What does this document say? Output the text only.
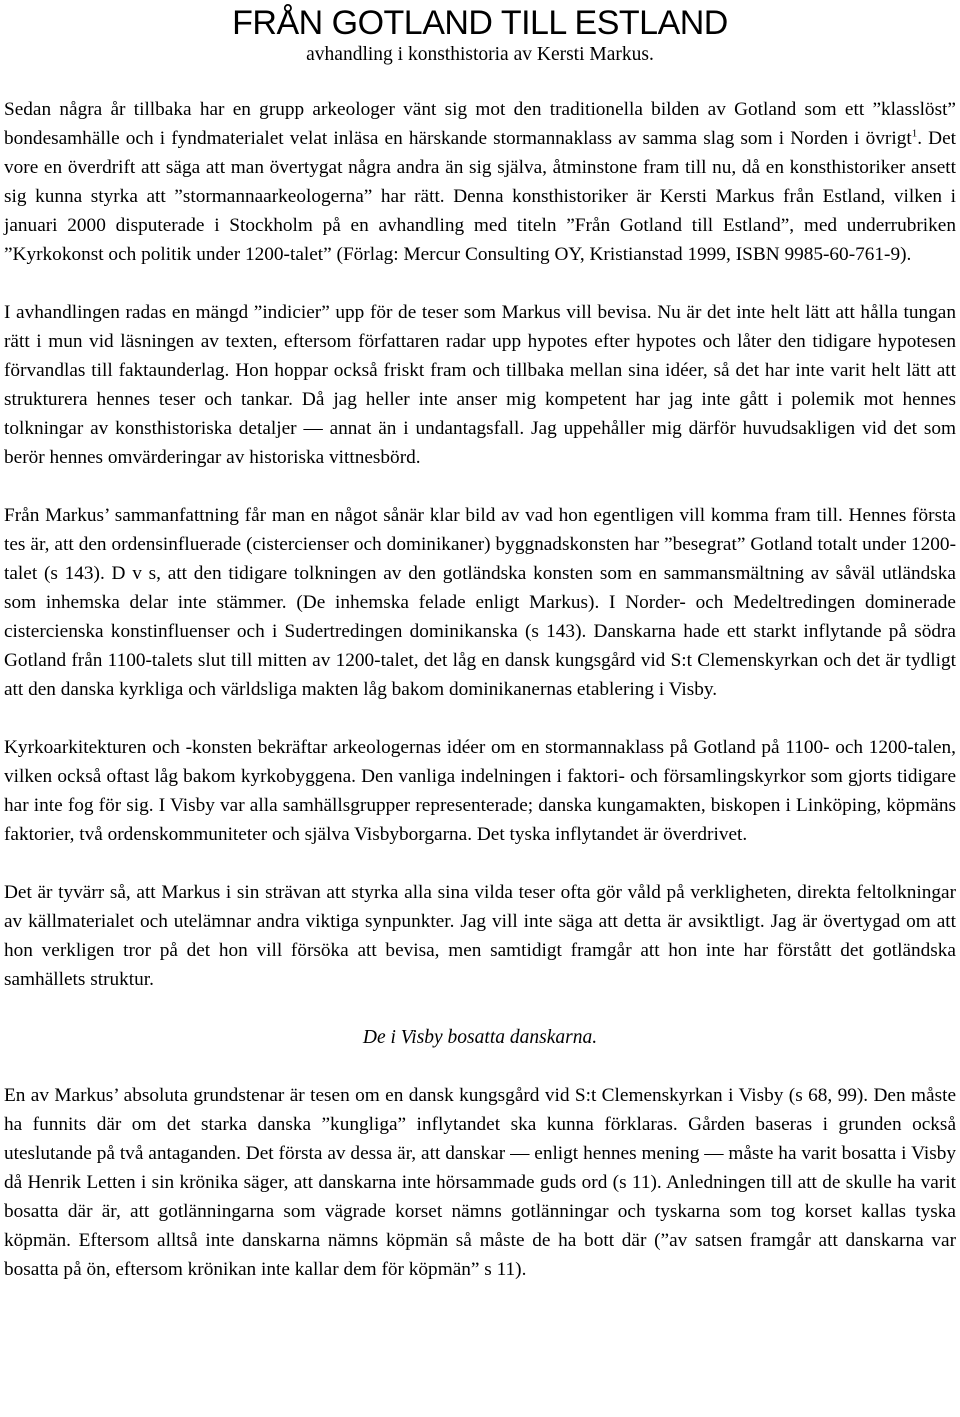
FRÅN GOTLAND TILL ESTLAND

avhandling i konsthistoria av Kersti Markus.

Sedan några år tillbaka har en grupp arkeologer vänt sig mot den traditionella bilden av Gotland som ett ”klasslöst” bondesamhälle och i fyndmaterialet velat inläsa en härskande stormannaklass av samma slag som i Norden i övrigt$^1$. Det vore en överdrift att säga att man övertygat några andra än sig själva, åtminstone fram till nu, då en konsthistoriker ansett sig kunna styrka att ”stormannaarkeologerna” har rätt. Denna konsthistoriker är Kersti Markus från Estland, vilken i januari 2000 disputerade i Stockholm på en avhandling med titeln ”Från Gotland till Estland”, med underrubriken ”Kyrkokonst och politik under 1200-talet” (Förlag: Mercur Consulting OY, Kristianstad 1999, ISBN 9985-60-761-9).

I avhandlingen radas en mängd ”indicier” upp för de teser som Markus vill bevisa. Nu är det inte helt lätt att hålla tungan rätt i mun vid läsningen av texten, eftersom författaren radar upp hypotes efter hypotes och låter den tidigare hypotesen förvandlas till faktaunderlag. Hon hoppar också friskt fram och tillbaka mellan sina idéer, så det har inte varit helt lätt att strukturera hennes teser och tankar. Då jag heller inte anser mig kompetent har jag inte gått i polemik mot hennes tolkningar av konsthistoriska detaljer — annat än i undantagsfall. Jag uppehåller mig därför huvudsakligen vid det som berör hennes omvärderingar av historiska vittnesbörd.

Från Markus’ sammanfattning får man en något sånär klar bild av vad hon egentligen vill komma fram till. Hennes första tes är, att den ordensinfluerade (cistercienser och dominikaner) byggnadskonsten har ”besegrat” Gotland totalt under 1200-talet (s 143). D v s, att den tidigare tolkningen av den gotländska konsten som en sammansmältning av såväl utländska som inhemska delar inte stämmer. (De inhemska felade enligt Markus). I Norder- och Medeltredingen dominerade cistercienska konstinfluenser och i Sudertredingen dominikanska (s 143). Danskarna hade ett starkt inflytande på södra Gotland från 1100-talets slut till mitten av 1200-talet, det låg en dansk kungsgård vid S:t Clemenskyrkan och det är tydligt att den danska kyrkliga och världsliga makten låg bakom dominikanernas etablering i Visby.

Kyrkoarkitekturen och -konsten bekräftar arkeologernas idéer om en stormannaklass på Gotland på 1100- och 1200-talen, vilken också oftast låg bakom kyrkobyggena. Den vanliga indelningen i faktori- och församlingskyrkor som gjorts tidigare har inte fog för sig. I Visby var alla samhällsgrupper representerade; danska kungamakten, biskopen i Linköping, köpmäns faktorier, två ordenskommuniteter och själva Visbyborgarna. Det tyska inflytandet är överdrivet.

Det är tyvärr så, att Markus i sin strävan att styrka alla sina vilda teser ofta gör våld på verkligheten, direkta feltolkningar av källmaterialet och utelämnar andra viktiga synpunkter. Jag vill inte säga att detta är avsiktligt. Jag är övertygad om att hon verkligen tror på det hon vill försöka att bevisa, men samtidigt framgår att hon inte har förstått det gotländska samhällets struktur.

De i Visby bosatta danskarna.

En av Markus’ absoluta grundstenar är tesen om en dansk kungsgård vid S:t Clemenskyrkan i Visby (s 68, 99). Den måste ha funnits där om det starka danska ”kungliga” inflytandet ska kunna förklaras. Gården baseras i grunden också uteslutande på två antaganden. Det första av dessa är, att danskar — enligt hennes mening — måste ha varit bosatta i Visby då Henrik Letten i sin krönika säger, att danskarna inte hörsammade guds ord (s 11). Anledningen till att de skulle ha varit bosatta där är, att gotlänningarna som vägrade korset nämns gotlänningar och tyskarna som tog korset kallas tyska köpmän. Eftersom alltså inte danskarna nämns köpmän så måste de ha bott där (”av satsen framgår att danskarna var bosatta på ön, eftersom krönikan inte kallar dem för köpmän” s 11).
